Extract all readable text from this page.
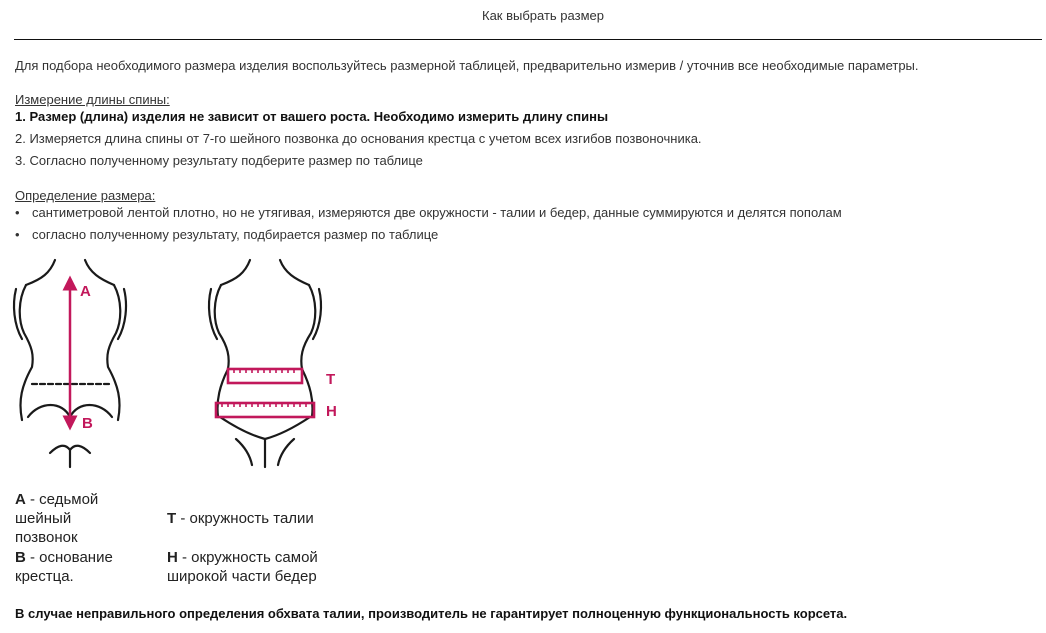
Как выбрать размер
Для подбора необходимого размера изделия воспользуйтесь размерной таблицей, предварительно измерив / уточнив все необходимые параметры.
Измерение длины спины:
1. Размер (длина) изделия не зависит от вашего роста. Необходимо измерить длину спины
2. Измеряется длина спины от 7-го шейного позвонка до основания крестца с учетом всех изгибов позвоночника.
3. Согласно полученному результату подберите размер по таблице
Определение размера:
• сантиметровой лентой плотно, но не утягивая, измеряются две окружности - талии и бедер, данные суммируются и делятся пополам
• согласно полученному результату, подбирается размер по таблице
A
B
T
H
A - седьмой
шейный
позвонок
B - основание
крестца.
T - окружность талии
H - окружность самой
широкой части бедер
В случае неправильного определения обхвата талии, производитель не гарантирует полноценную функциональность корсета.
